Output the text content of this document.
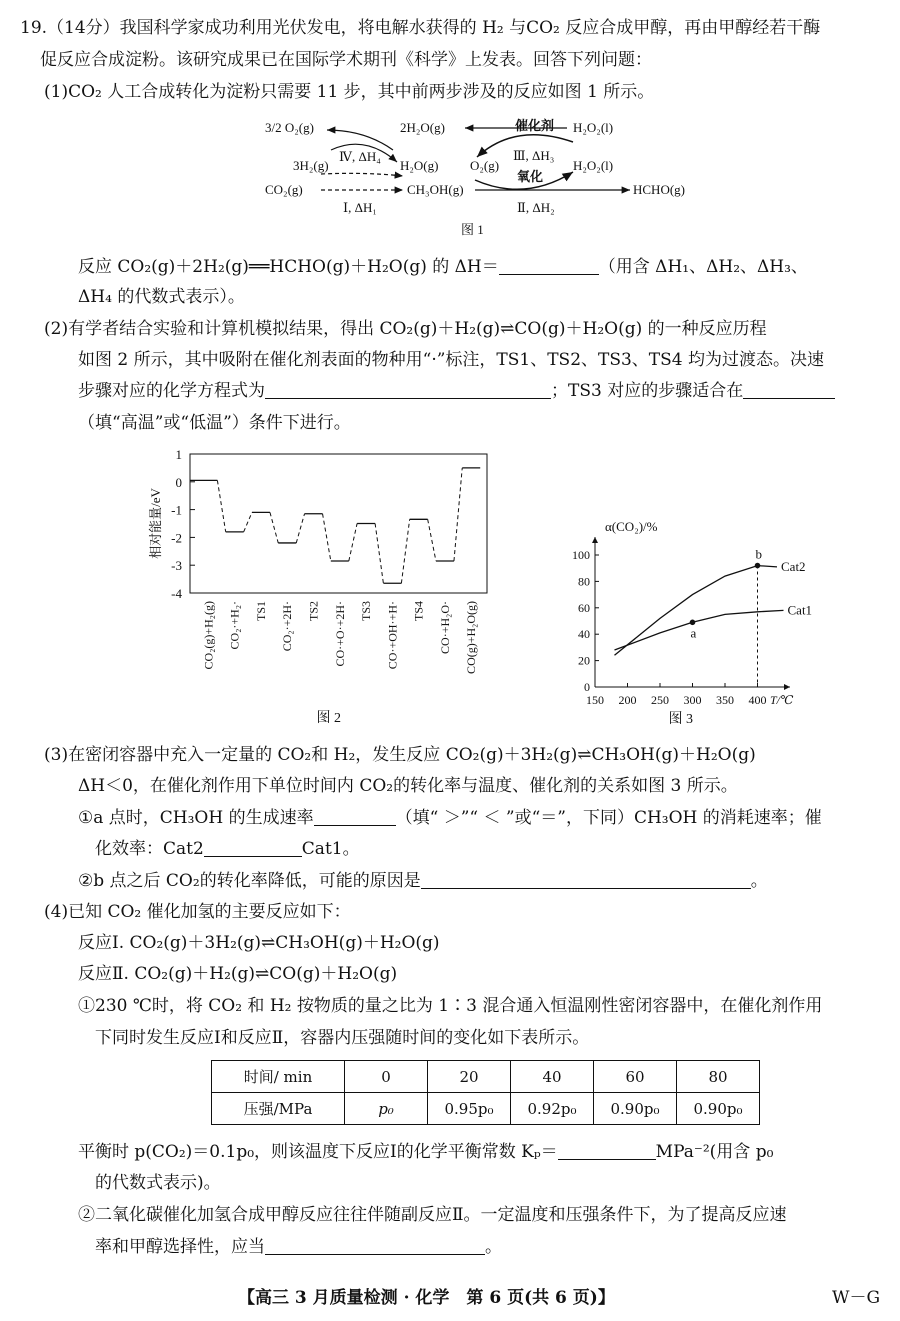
19.（14分）我国科学家成功利用光伏发电，将电解水获得的 H₂ 与CO₂ 反应合成甲醇，再由甲醇经若干酶
促反应合成淀粉。该研究成果已在国际学术期刊《科学》上发表。回答下列问题：
(1)CO₂ 人工合成转化为淀粉只需要 11 步，其中前两步涉及的反应如图 1 所示。
3/2 O₂(g)	2H₂O(g)	催化剂 H₂O₂(l)
3H₂(g)
Ⅳ, ΔH₄
H₂O(g) O₂(g)
Ⅲ, ΔH₃
H₂O₂(l)
CO₂(g)	CH₃OH(g)
氧化
HCHO(g)
Ⅰ, ΔH₁	Ⅱ, ΔH₂
图 1
反应 CO₂(g)＋2H₂(g)══HCHO(g)＋H₂O(g) 的 ΔH＝	（用含 ΔH₁、ΔH₂、ΔH₃、
ΔH₄ 的代数式表示）。
(2)有学者结合实验和计算机模拟结果，得出 CO₂(g)＋H₂(g)⇌CO(g)＋H₂O(g) 的一种反应历程
如图 2 所示，其中吸附在催化剂表面的物种用“·”标注，TS1、TS2、TS3、TS4 均为过渡态。决速
步骤对应的化学方程式为	；TS3 对应的步骤适合在
（填“高温”或“低温”）条件下进行。
1
0
-1
-2
-3
-4
相对能量/eV
CO₂(g)+H₂(g) CO₂·+H₂· TS1 CO₂·+2H· TS2 CO·+O·+2H· TS3 CO·+OH·+H· TS4 CO·+H₂O· CO(g)+H₂O(g)
图 2
0
20
40
60
80
100
150 200 250 300 350 400 T/℃
α(CO₂)/%
Cat2
Cat1
a
b
图 3
(3)在密闭容器中充入一定量的 CO₂和 H₂，发生反应 CO₂(g)＋3H₂(g)⇌CH₃OH(g)＋H₂O(g)
ΔH＜0，在催化剂作用下单位时间内 CO₂的转化率与温度、催化剂的关系如图 3 所示。
①a 点时，CH₃OH 的生成速率	（填“ ＞”“ ＜ ”或“＝”，下同）CH₃OH 的消耗速率；催
化效率：Cat2	Cat1。
②b 点之后 CO₂的转化率降低，可能的原因是	。
(4)已知 CO₂ 催化加氢的主要反应如下：
反应Ⅰ. CO₂(g)＋3H₂(g)⇌CH₃OH(g)＋H₂O(g)
反应Ⅱ. CO₂(g)＋H₂(g)⇌CO(g)＋H₂O(g)
①230 ℃时，将 CO₂ 和 H₂ 按物质的量之比为 1∶3 混合通入恒温刚性密闭容器中，在催化剂作用
下同时发生反应Ⅰ和反应Ⅱ，容器内压强随时间的变化如下表所示。
时间/ min	0	20	40	60	80
压强/MPa	p₀	0.95p₀	0.92p₀	0.90p₀	0.90p₀
平衡时 p(CO₂)＝0.1p₀，则该温度下反应Ⅰ的化学平衡常数 Kₚ＝	MPa⁻²(用含 p₀
的代数式表示)。
②二氧化碳催化加氢合成甲醇反应往往伴随副反应Ⅱ。一定温度和压强条件下，为了提高反应速
率和甲醇选择性，应当	。
【高三 3 月质量检测 · 化学　第 6 页(共 6 页)】	W－G
